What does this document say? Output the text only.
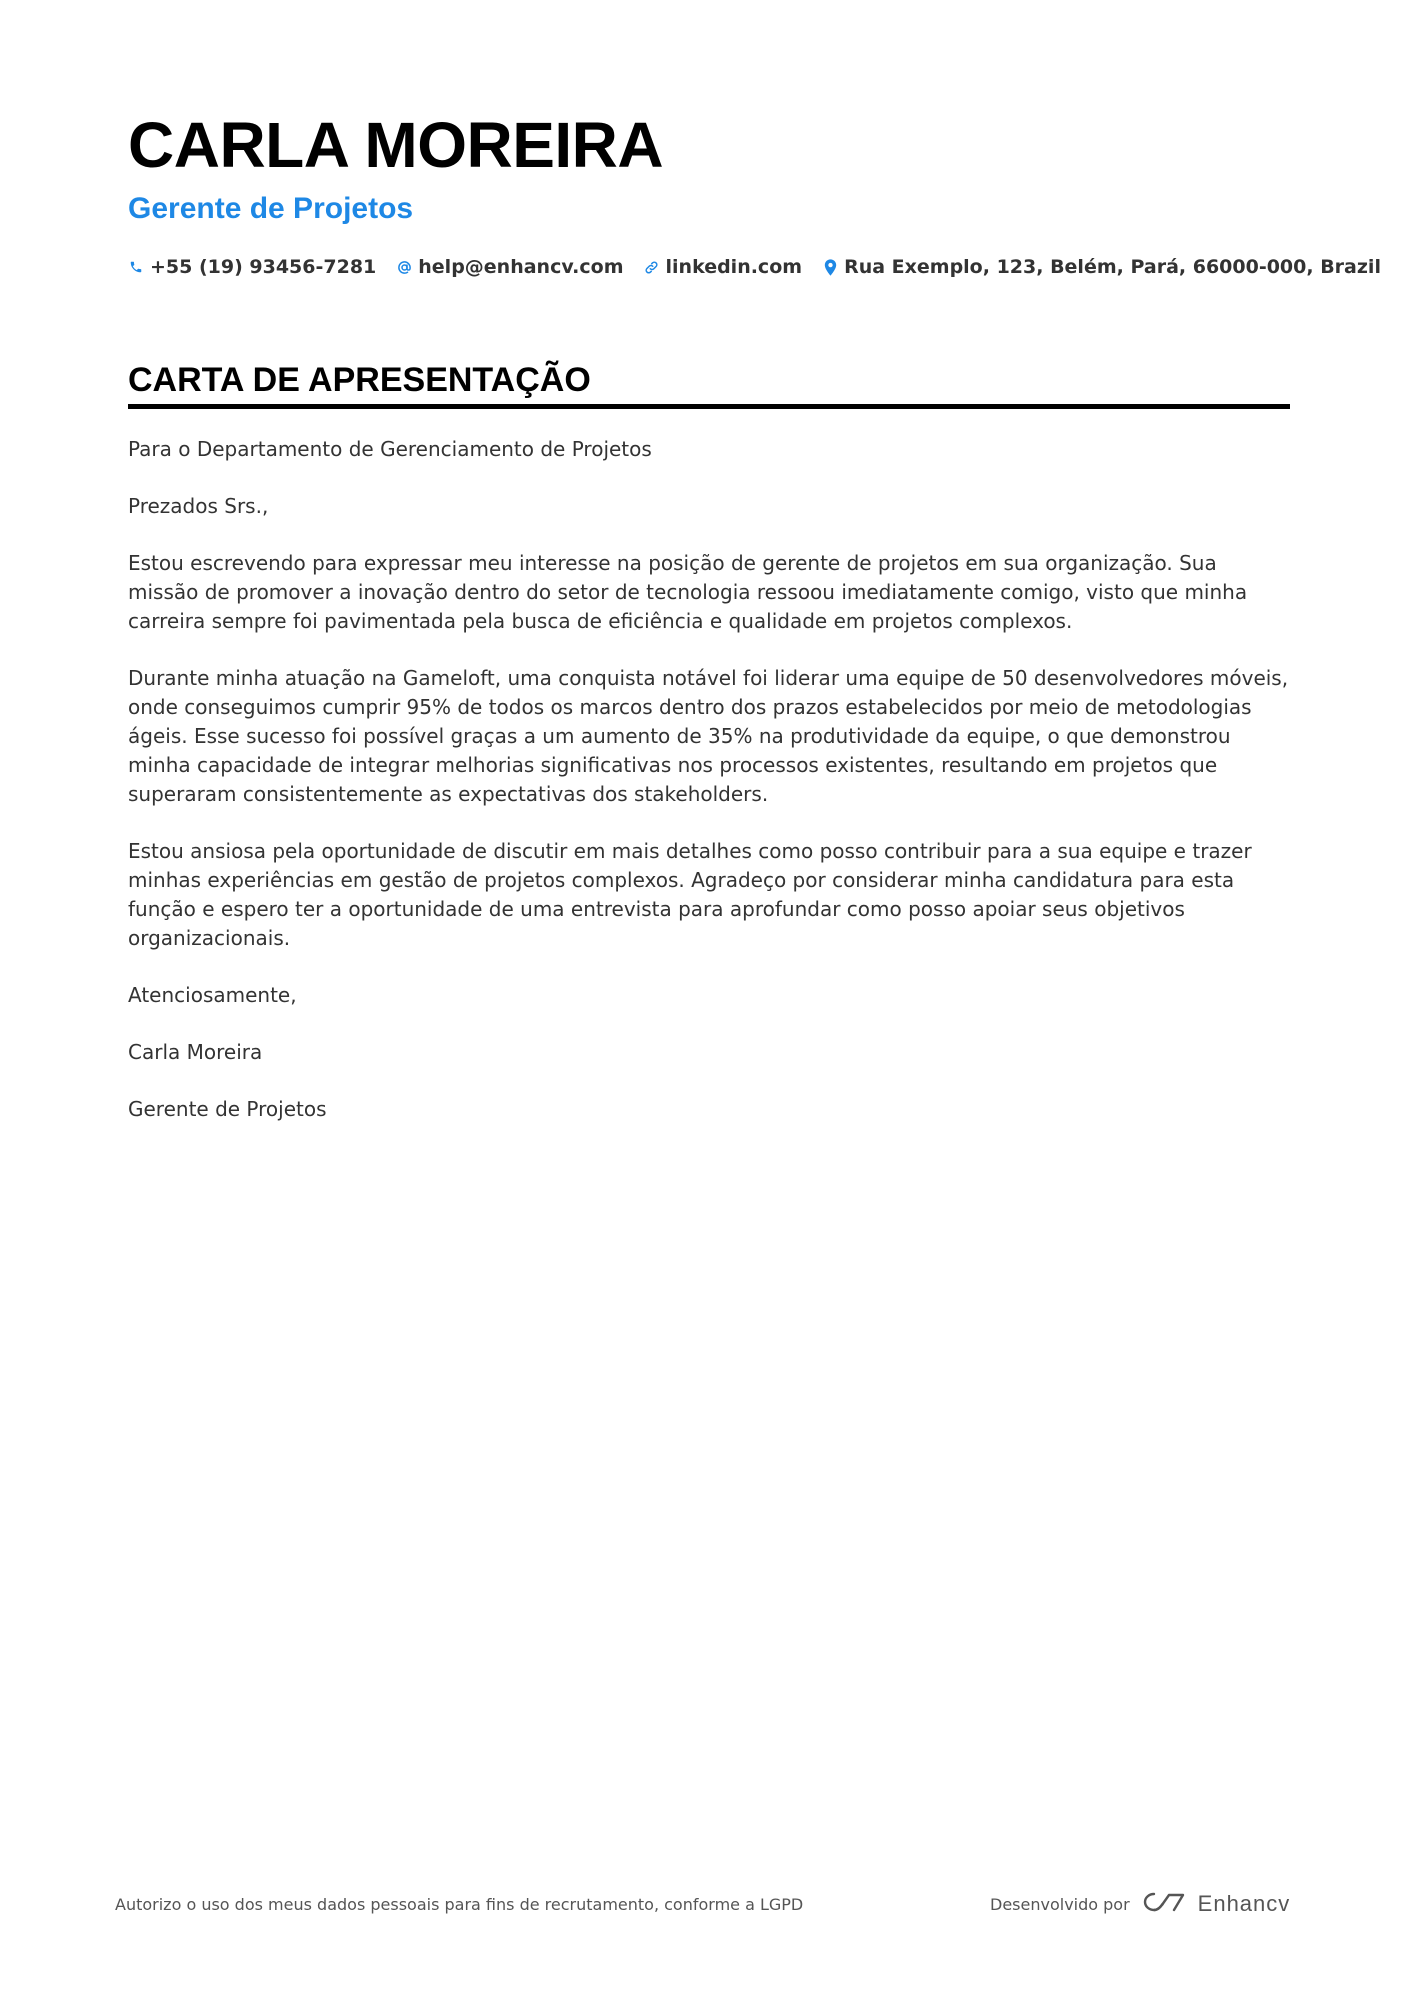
CARLA MOREIRA
Gerente de Projetos
+55 (19) 93456-7281 help@enhancv.com linkedin.com Rua Exemplo, 123, Belém, Pará, 66000-000, Brazil
CARTA DE APRESENTAÇÃO

Para o Departamento de Gerenciamento de Projetos

Prezados Srs.,

Estou escrevendo para expressar meu interesse na posição de gerente de projetos em sua organização. Sua missão de promover a inovação dentro do setor de tecnologia ressoou imediatamente comigo, visto que minha carreira sempre foi pavimentada pela busca de eficiência e qualidade em projetos complexos.

Durante minha atuação na Gameloft, uma conquista notável foi liderar uma equipe de 50 desenvolvedores móveis, onde conseguimos cumprir 95% de todos os marcos dentro dos prazos estabelecidos por meio de metodologias ágeis. Esse sucesso foi possível graças a um aumento de 35% na produtividade da equipe, o que demonstrou minha capacidade de integrar melhorias significativas nos processos existentes, resultando em projetos que superaram consistentemente as expectativas dos stakeholders.

Estou ansiosa pela oportunidade de discutir em mais detalhes como posso contribuir para a sua equipe e trazer minhas experiências em gestão de projetos complexos. Agradeço por considerar minha candidatura para esta função e espero ter a oportunidade de uma entrevista para aprofundar como posso apoiar seus objetivos organizacionais.

Atenciosamente,

Carla Moreira

Gerente de Projetos

Autorizo o uso dos meus dados pessoais para fins de recrutamento, conforme a LGPD	Desenvolvido por	Enhancv
